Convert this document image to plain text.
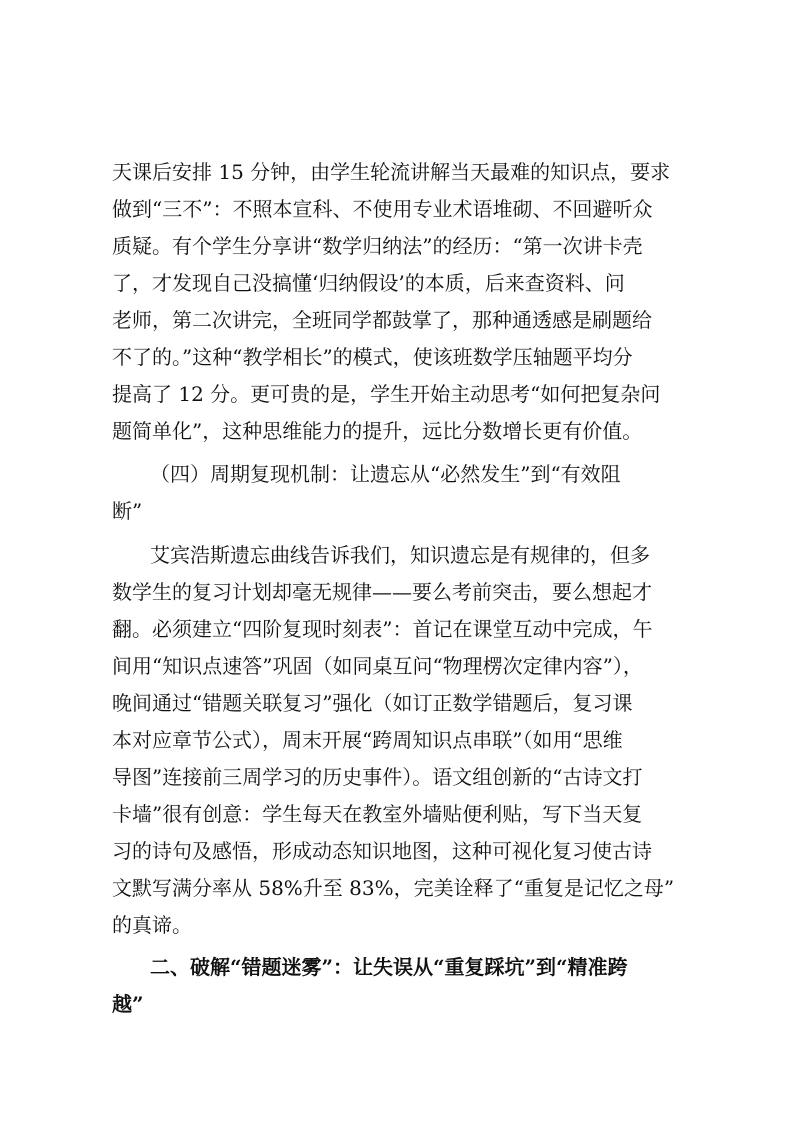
天课后安排 15 分钟，由学生轮流讲解当天最难的知识点，要求
做到“三不”：不照本宣科、不使用专业术语堆砌、不回避听众
质疑。有个学生分享讲“数学归纳法”的经历：“第一次讲卡壳
了，才发现自己没搞懂‘归纳假设’的本质，后来查资料、问
老师，第二次讲完，全班同学都鼓掌了，那种通透感是刷题给
不了的。”这种“教学相长”的模式，使该班数学压轴题平均分
提高了 12 分。更可贵的是，学生开始主动思考“如何把复杂问
题简单化”，这种思维能力的提升，远比分数增长更有价值。
（四）周期复现机制：让遗忘从“必然发生”到“有效阻
断”
艾宾浩斯遗忘曲线告诉我们，知识遗忘是有规律的，但多
数学生的复习计划却毫无规律——要么考前突击，要么想起才
翻。必须建立“四阶复现时刻表”：首记在课堂互动中完成，午
间用“知识点速答”巩固（如同桌互问“物理楞次定律内容”），
晚间通过“错题关联复习”强化（如订正数学错题后，复习课
本对应章节公式），周末开展“跨周知识点串联”（如用“思维
导图”连接前三周学习的历史事件）。语文组创新的“古诗文打
卡墙”很有创意：学生每天在教室外墙贴便利贴，写下当天复
习的诗句及感悟，形成动态知识地图，这种可视化复习使古诗
文默写满分率从 58%升至 83%，完美诠释了“重复是记忆之母”
的真谛。
二、破解“错题迷雾”：让失误从“重复踩坑”到“精准跨
越”
